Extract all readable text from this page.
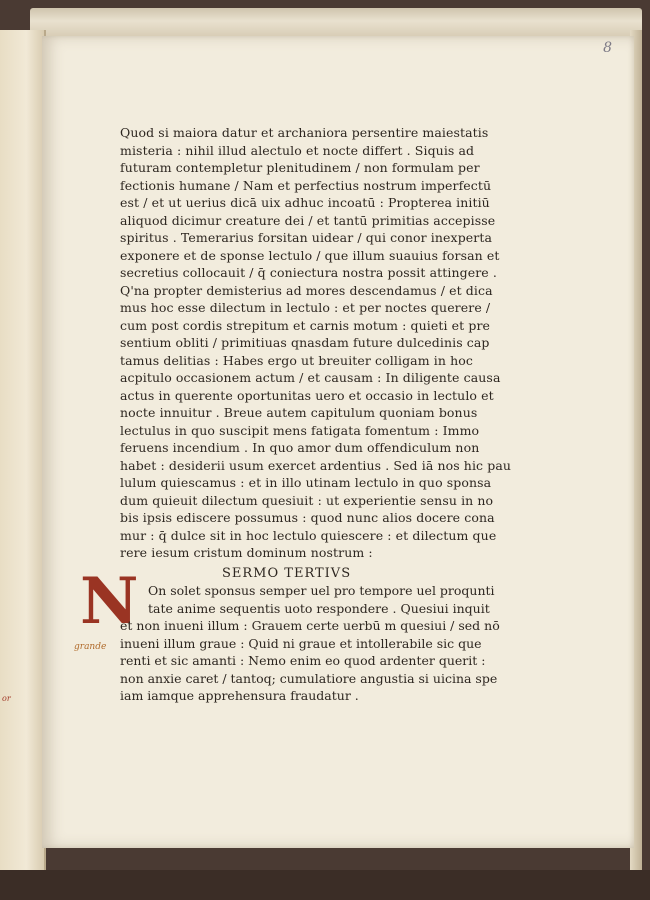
or
8
Quod si maiora datur et archaniora persentire maiestatis
misteria : nihil illud alectulo et nocte differt . Siquis ad
futuram contempletur plenitudinem / non formulam per
fectionis humane / Nam et perfectius nostrum imperfectū
est / et ut uerius dicā uix adhuc incoatū : Propterea initiū
aliquod dicimur creature dei / et tantū primitias accepisse
spiritus . Temerarius forsitan uidear / qui conor inexperta
exponere et de sponse lectulo / que illum suauius forsan et
secretius collocauit / q̄ coniectura nostra possit attingere .
Q'na propter demisterius ad mores descendamus / et dica
mus hoc esse dilectum in lectulo : et per noctes querere /
cum post cordis strepitum et carnis motum : quieti et pre
sentium obliti / primitiuas qnasdam future dulcedinis cap
tamus delitias : Habes ergo ut breuiter colligam in hoc
acpitulo occasionem actum / et causam : In diligente causa
actus in querente oportunitas uero et occasio in lectulo et
nocte innuitur . Breue autem capitulum quoniam bonus
lectulus in quo suscipit mens fatigata fomentum : Immo
feruens incendium . In quo amor dum offendiculum non
habet : desiderii usum exercet ardentius . Sed iā nos hic pau
lulum quiescamus : et in illo utinam lectulo in quo sponsa
dum quieuit dilectum quesiuit : ut experientie sensu in no
bis ipsis ediscere possumus : quod nunc alios docere cona
mur : q̄ dulce sit in hoc lectulo quiescere : et dilectum que
rere iesum cristum dominum nostrum :
SERMO TERTIVS
N
grande
On solet sponsus semper uel pro tempore uel proqunti
tate anime sequentis uoto respondere . Quesiui inquit
et non inueni illum : Grauem certe uerbū m quesiui / sed nō
inueni illum graue : Quid ni graue et intollerabile sic que
renti et sic amanti : Nemo enim eo quod ardenter querit :
non anxie caret / tantoq; cumulatiore angustia si uicina spe
iam iamque apprehensura fraudatur .
